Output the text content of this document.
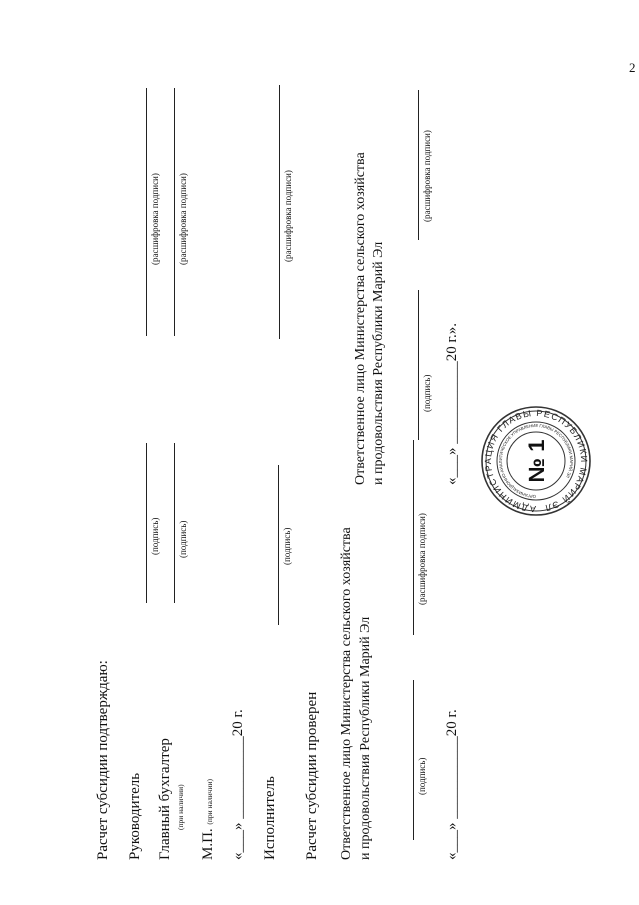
2
Расчет субсидии подтверждаю: Руководитель
(подпись)
(расшифровка подписи)
Главный бухгалтер (при наличии)
(подпись)
(расшифровка подписи)
М.П. (при наличии) «___» ___________20 г. Исполнитель
(подпись)
(расшифровка подписи)
Расчет субсидии проверен Ответственное лицо Министерства сельского хозяйства и продовольствия Республики Марий Эл
Ответственное лицо Министерства сельского хозяйства и продовольствия Республики Марий Эл
(подпись)
(расшифровка подписи)
(подпись)
(расшифровка подписи)
«___» ___________20 г.
«___» ___________20 г.».
АДМИНИСТРАЦИЯ ГЛАВЫ РЕСПУБЛИКИ МАРИЙ ЭЛ
ОРГАНИЗАЦИОННО-АНАЛИТИЧЕСКОЕ УПРАВЛЕНИЕ ГЛАВЫ РЕСПУБЛИКИ МАРИЙ ЭЛ
№ 1
